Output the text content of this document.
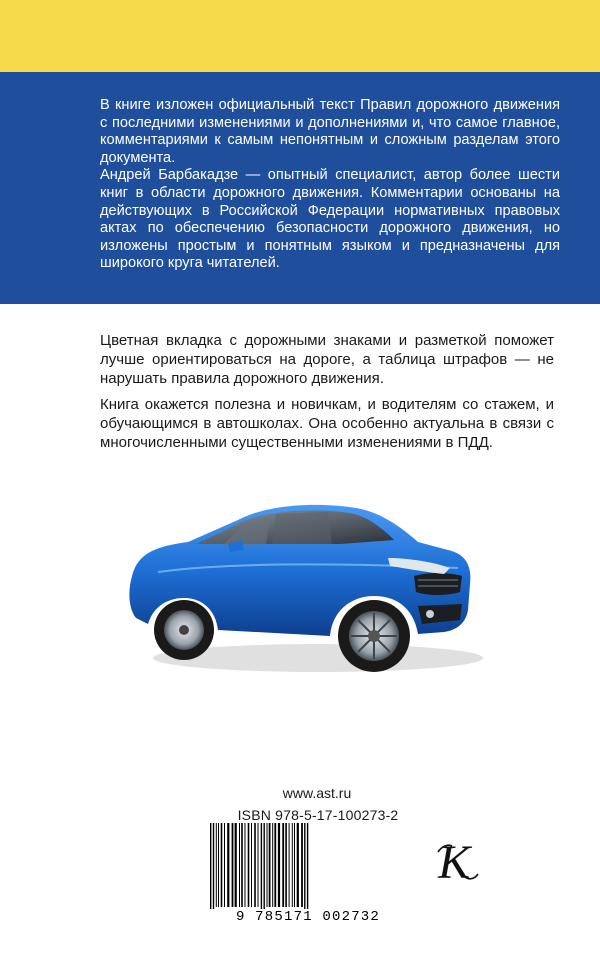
В книге изложен официальный текст Правил дорожного движения с последними изменениями и дополнениями и, что самое главное, комментариями к самым непонятным и сложным разделам этого документа.

Андрей Барбакадзе — опытный специалист, автор более шести книг в области дорожного движения. Комментарии основаны на действующих в Российской Федерации нормативных правовых актах по обеспечению безопасности дорожного движения, но изложены простым и понятным языком и предназначены для широкого круга читателей.

Цветная вкладка с дорожными знаками и разметкой поможет лучше ориентироваться на дороге, а таблица штрафов — не нарушать правила дорожного движения.
Книга окажется полезна и новичкам, и водителям со стажем, и обучающимся в автошколах. Она особенно актуальна в связи с многочисленными существенными изменениями в ПДД.
www.ast.ru
ISBN 978-5-17-100273-2
9 785171 002732
К
